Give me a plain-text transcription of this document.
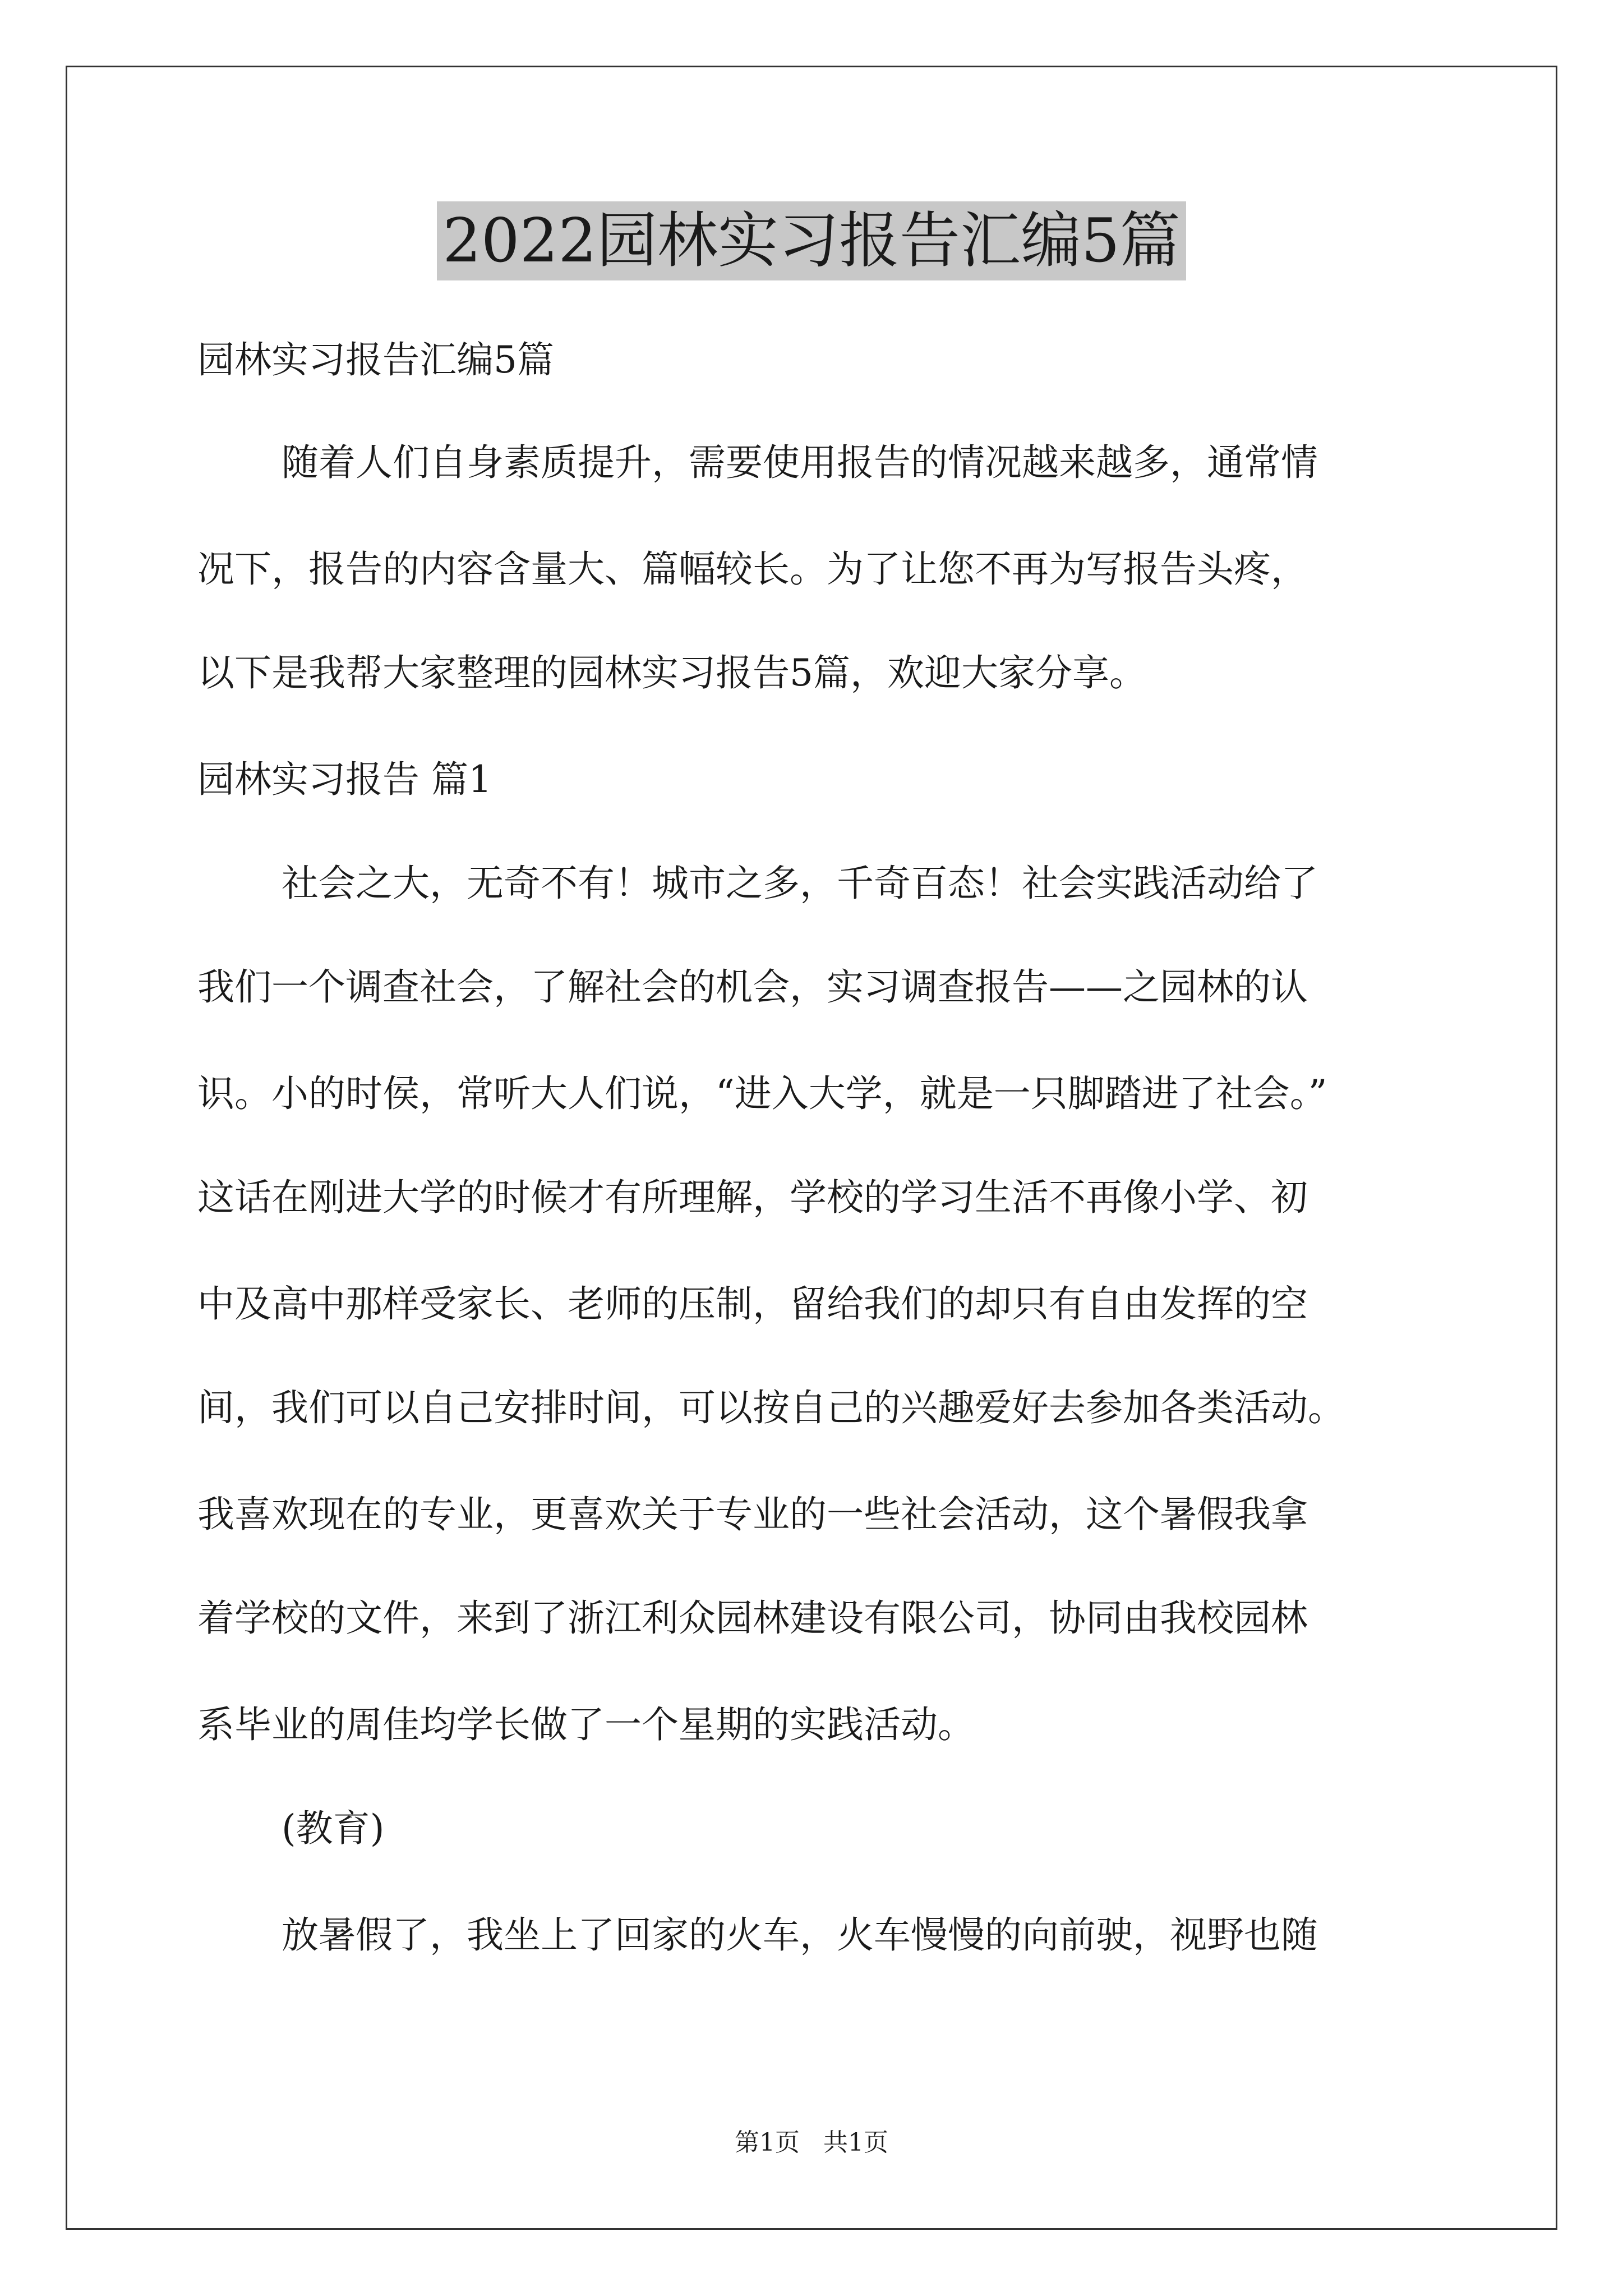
2022园林实习报告汇编5篇
园林实习报告汇编5篇
随着人们自身素质提升，需要使用报告的情况越来越多，通常情
况下，报告的内容含量大、篇幅较长。为了让您不再为写报告头疼，
以下是我帮大家整理的园林实习报告5篇，欢迎大家分享。
园林实习报告 篇1
社会之大，无奇不有！城市之多，千奇百态！社会实践活动给了
我们一个调查社会，了解社会的机会，实习调查报告——之园林的认
识。小的时侯，常听大人们说，“进入大学，就是一只脚踏进了社会。”
这话在刚进大学的时候才有所理解，学校的学习生活不再像小学、初
中及高中那样受家长、老师的压制，留给我们的却只有自由发挥的空
间，我们可以自己安排时间，可以按自己的兴趣爱好去参加各类活动。
我喜欢现在的专业，更喜欢关于专业的一些社会活动，这个暑假我拿
着学校的文件，来到了浙江利众园林建设有限公司，协同由我校园林
系毕业的周佳均学长做了一个星期的实践活动。
(教育)
放暑假了，我坐上了回家的火车，火车慢慢的向前驶，视野也随
第1页   共1页
